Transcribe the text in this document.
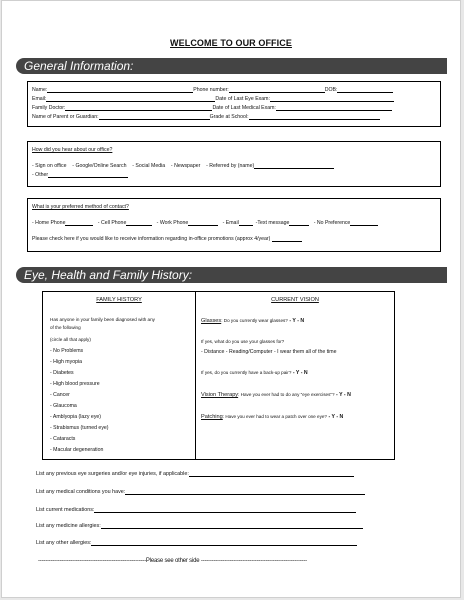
WELCOME TO OUR OFFICE
General Information:
Name:	Phone number:	DOB:
Email:	Date of Last Eye Exam:
Family Doctor:	Date of Last Medical Exam:
Name of Parent or Guardian:	Grade at School:
How did you hear about our office?
- Sign on office - Google/Online Search - Social Media - Newspaper - Referred by (name)
- Other
What is your preferred method of contact?
- Home Phone	- Cell Phone	- Work Phone	- Email	-Text message	- No Preference
Please check here if you would like to receive information regarding in-office promotions (approx 4/year)
Eye, Health and Family History:
FAMILY HISTORY
Has anyone in your family been diagnosed with any
of the following
(circle all that apply)
- No Problems
- High myopia
- Diabetes
- High blood pressure
- Cancer
- Glaucoma
- Amblyopia (lazy eye)
- Strabismus (turned eye)
- Cataracts
- Macular degeneration
CURRENT VISION
Glasses: Do you currently wear glasses? - Y - N
If yes, what do you use your glasses for?
- Distance - Reading/Computer - I wear them all of the time
If yes, do you currently have a back-up pair? - Y - N
Vision Therapy: Have you ever had to do any "eye exercises"? - Y - N
Patching: Have you ever had to wear a patch over one eye? - Y - N
List any previous eye surgeries and/or eye injuries, if applicable:
List any medical conditions you have:
List current medications:
List any medicine allergies:
List any other allergies:
------------------------------------------------------------Please see other side -----------------------------------------------------------
